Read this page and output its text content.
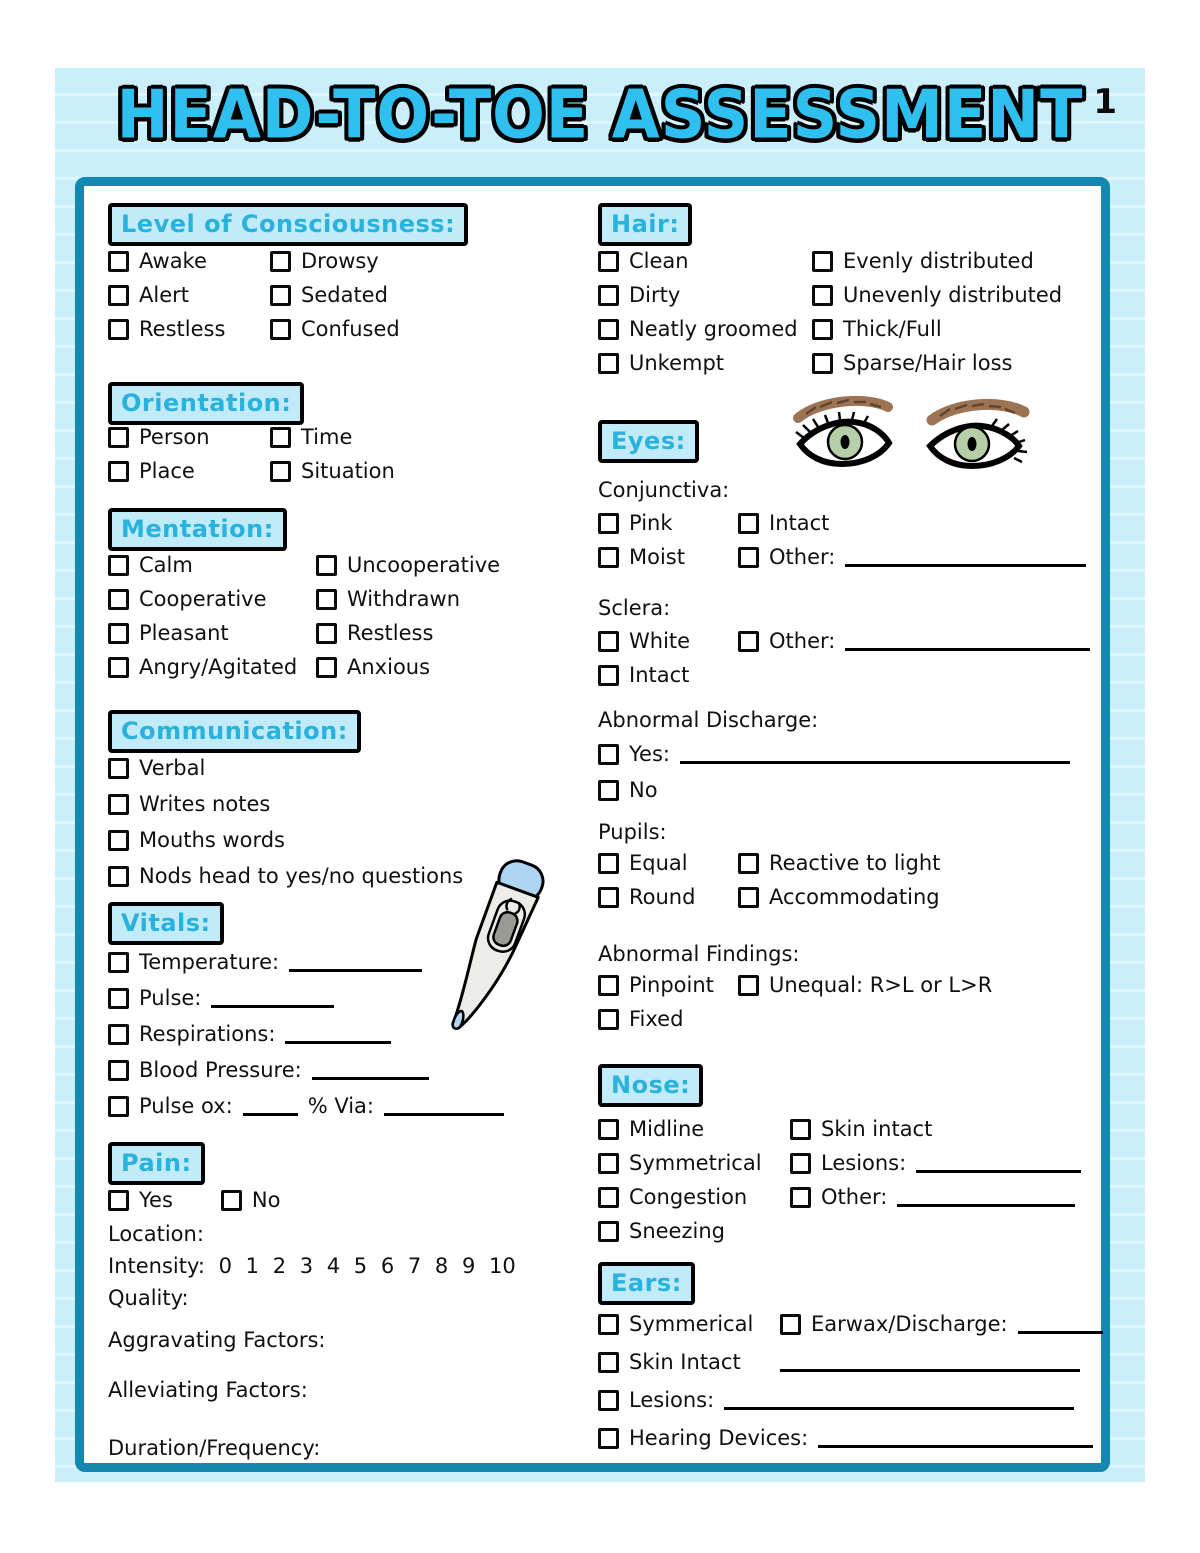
HEAD-TO-TOE ASSESSMENT 1
Level of Consciousness:
Awake	Drowsy
Alert	Sedated
Restless	Confused
Orientation:
Person	Time
Place	Situation
Mentation:
Calm	Uncooperative
Cooperative	Withdrawn
Pleasant	Restless
Angry/Agitated Anxious
Communication:
Verbal
Writes notes
Mouths words
Nods head to yes/no questions
Vitals:
Temperature:
Pulse:
Respirations:
Blood Pressure:
Pulse ox:	% Via:
Pain:
Yes	No
Location:
Intensity: 0 1 2 3 4 5 6 7 8 9 10
Quality:
Aggravating Factors:
Alleviating Factors:
Duration/Frequency:
Hair:
Clean	Evenly distributed
Dirty	Unevenly distributed
Neatly groomed Thick/Full
Unkempt	Sparse/Hair loss
Eyes:
Conjunctiva:
Pink	Intact
Moist	Other:
Sclera:
White	Other:
Intact
Abnormal Discharge:
Yes:
No
Pupils:
Equal	Reactive to light
Round	Accommodating
Abnormal Findings:
Pinpoint	Unequal: R>L or L>R
Fixed
Nose:
Midline	Skin intact
Symmetrical	Lesions:
Congestion	Other:
Sneezing
Ears:
Symmerical	Earwax/Discharge:
Skin Intact
Lesions:
Hearing Devices:
